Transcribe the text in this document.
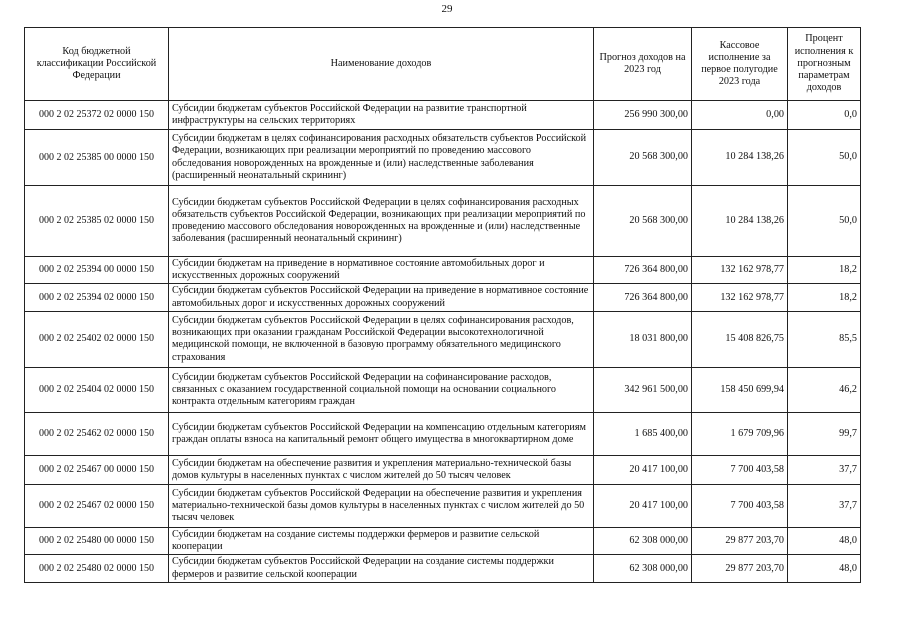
29
Код бюджетной классификации Российской Федерации	Наименование доходов	Прогноз доходов на 2023 год	Кассовое исполнение за первое полугодие 2023 года	Процент исполнения к прогнозным параметрам доходов
000 2 02 25372 02 0000 150	Субсидии бюджетам субъектов Российской Федерации на развитие транспортной инфраструктуры на сельских территориях	256 990 300,00	0,00	0,0
000 2 02 25385 00 0000 150	Субсидии бюджетам в целях софинансирования расходных обязательств субъектов Российской Федерации, возникающих при реализации мероприятий по проведению массового обследования новорожденных на врожденные и (или) наследственные заболевания (расширенный неонатальный скрининг)	20 568 300,00	10 284 138,26	50,0
000 2 02 25385 02 0000 150	Субсидии бюджетам субъектов Российской Федерации в целях софинансирования расходных обязательств субъектов Российской Федерации, возникающих при реализации мероприятий по проведению массового обследования новорожденных на врожденные и (или) наследственные заболевания (расширенный неонатальный скрининг)	20 568 300,00	10 284 138,26	50,0
000 2 02 25394 00 0000 150	Субсидии бюджетам на приведение в нормативное состояние автомобильных дорог и искусственных дорожных сооружений	726 364 800,00	132 162 978,77	18,2
000 2 02 25394 02 0000 150	Субсидии бюджетам субъектов Российской Федерации на приведение в нормативное состояние автомобильных дорог и искусственных дорожных сооружений	726 364 800,00	132 162 978,77	18,2
000 2 02 25402 02 0000 150	Субсидии бюджетам субъектов Российской Федерации в целях софинансирования расходов, возникающих при оказании гражданам Российской Федерации высокотехнологичной медицинской помощи, не включенной в базовую программу обязательного медицинского страхования	18 031 800,00	15 408 826,75	85,5
000 2 02 25404 02 0000 150	Субсидии бюджетам субъектов Российской Федерации на софинансирование расходов, связанных с оказанием государственной социальной помощи на основании социального контракта отдельным категориям граждан	342 961 500,00	158 450 699,94	46,2
000 2 02 25462 02 0000 150	Субсидии бюджетам субъектов Российской Федерации на компенсацию отдельным категориям граждан оплаты взноса на капитальный ремонт общего имущества в многоквартирном доме	1 685 400,00	1 679 709,96	99,7
000 2 02 25467 00 0000 150	Субсидии бюджетам на обеспечение развития и укрепления материально-технической базы домов культуры в населенных пунктах с числом жителей до 50 тысяч человек	20 417 100,00	7 700 403,58	37,7
000 2 02 25467 02 0000 150	Субсидии бюджетам субъектов Российской Федерации на обеспечение развития и укрепления материально-технической базы домов культуры в населенных пунктах с числом жителей до 50 тысяч человек	20 417 100,00	7 700 403,58	37,7
000 2 02 25480 00 0000 150	Субсидии бюджетам на создание системы поддержки фермеров и развитие сельской кооперации	62 308 000,00	29 877 203,70	48,0
000 2 02 25480 02 0000 150	Субсидии бюджетам субъектов Российской Федерации на создание системы поддержки фермеров и развитие сельской кооперации	62 308 000,00	29 877 203,70	48,0
